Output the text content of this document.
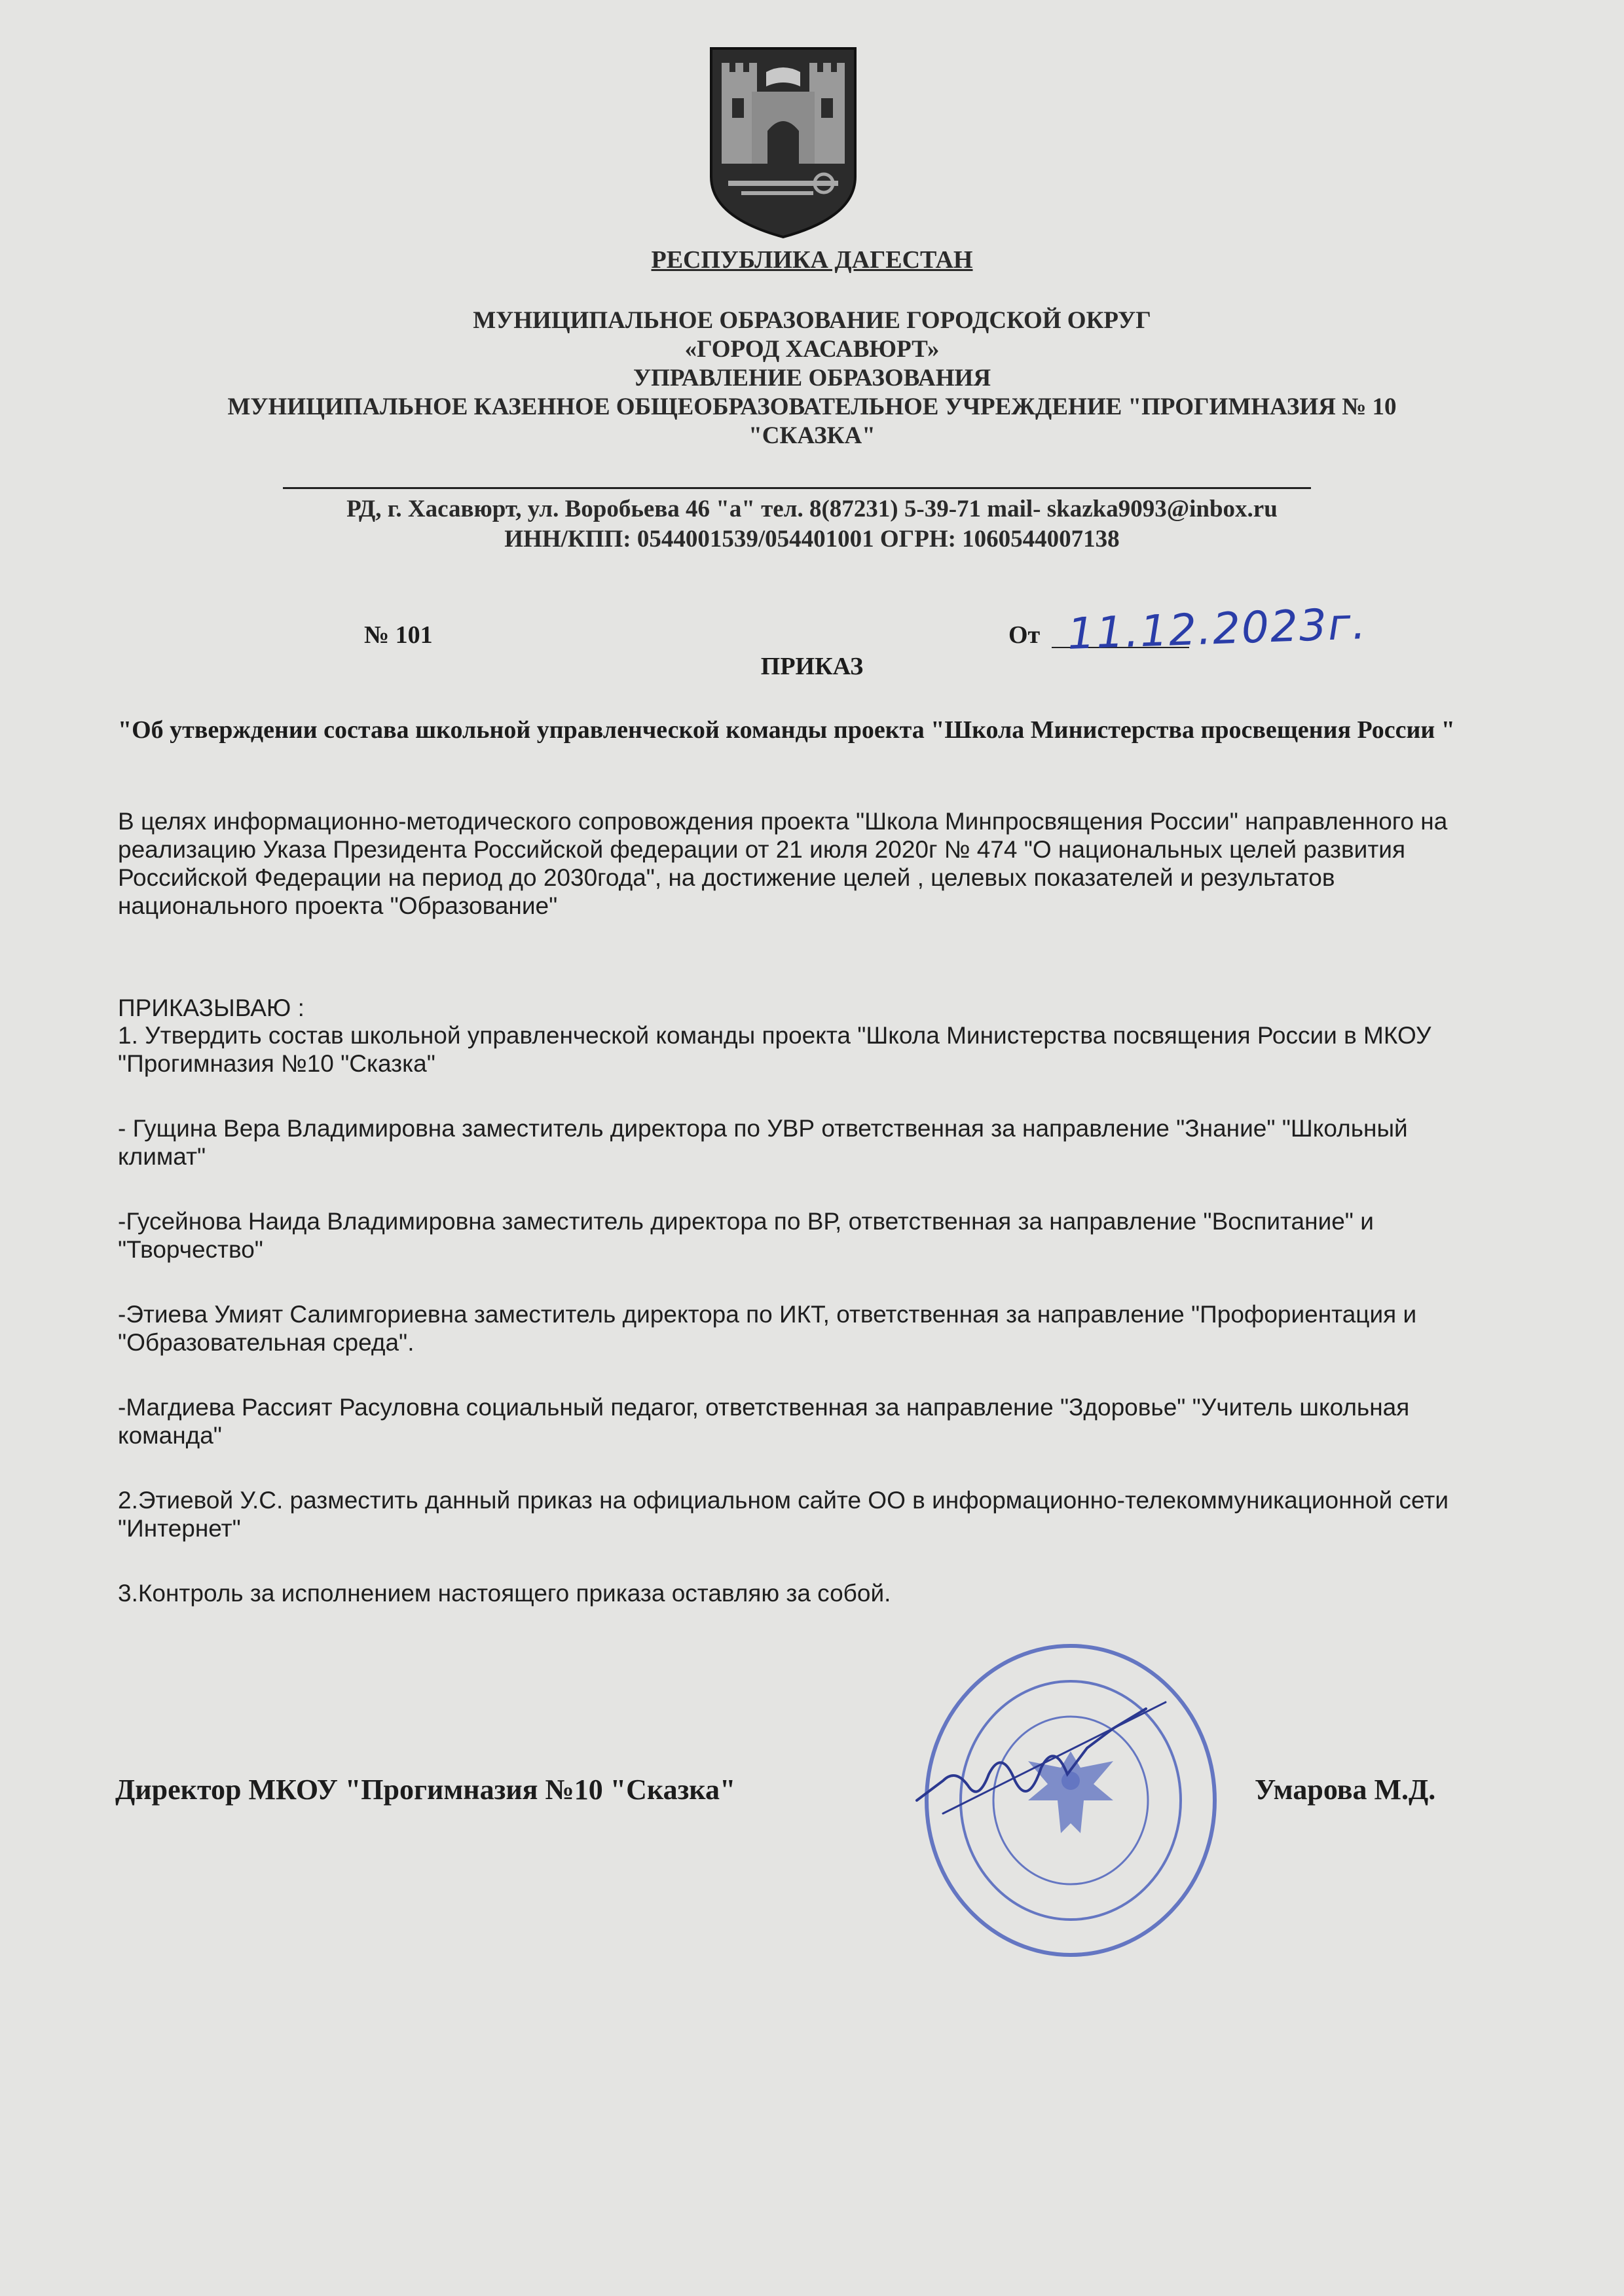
РЕСПУБЛИКА ДАГЕСТАН
МУНИЦИПАЛЬНОЕ ОБРАЗОВАНИЕ ГОРОДСКОЙ ОКРУГ
«ГОРОД ХАСАВЮРТ»
УПРАВЛЕНИЕ ОБРАЗОВАНИЯ
МУНИЦИПАЛЬНОЕ КАЗЕННОЕ ОБЩЕОБРАЗОВАТЕЛЬНОЕ УЧРЕЖДЕНИЕ "ПРОГИМНАЗИЯ № 10
"СКАЗКА"
РД, г. Хасавюрт, ул. Воробьева 46 "а" тел. 8(87231) 5-39-71 mail- skazka9093@inbox.ru
ИНН/КПП: 0544001539/054401001 ОГРН: 1060544007138
№ 101	От 11.12.2023г.
ПРИКАЗ
"Об утверждении состава школьной управленческой команды проекта "Школа Министерства просвещения России "
В целях информационно-методического сопровождения проекта "Школа Минпросвящения России" направленного на реализацию Указа Президента Российской федерации от 21 июля 2020г № 474 "О национальных целей развития Российской Федерации на период до 2030года", на достижение целей , целевых показателей и результатов национального проекта "Образование"
ПРИКАЗЫВАЮ :
1. Утвердить состав школьной управленческой команды проекта "Школа Министерства посвящения России в МКОУ "Прогимназия №10 "Сказка"
- Гущина Вера Владимировна заместитель директора по УВР ответственная за направление "Знание" "Школьный климат"
-Гусейнова Наида Владимировна заместитель директора по ВР, ответственная за направление "Воспитание" и "Творчество"
-Этиева Умият Салимгориевна заместитель директора по ИКТ, ответственная за направление "Профориентация и "Образовательная среда".
-Магдиева Рассият Расуловна социальный педагог, ответственная за направление "Здоровье" "Учитель школьная команда"
2.Этиевой У.С. разместить данный приказ на официальном сайте ОО в информационно-телекоммуникационной сети "Интернет"
3.Контроль за исполнением настоящего приказа оставляю за собой.
Директор МКОУ "Прогимназия №10 "Сказка"	Умарова М.Д.
